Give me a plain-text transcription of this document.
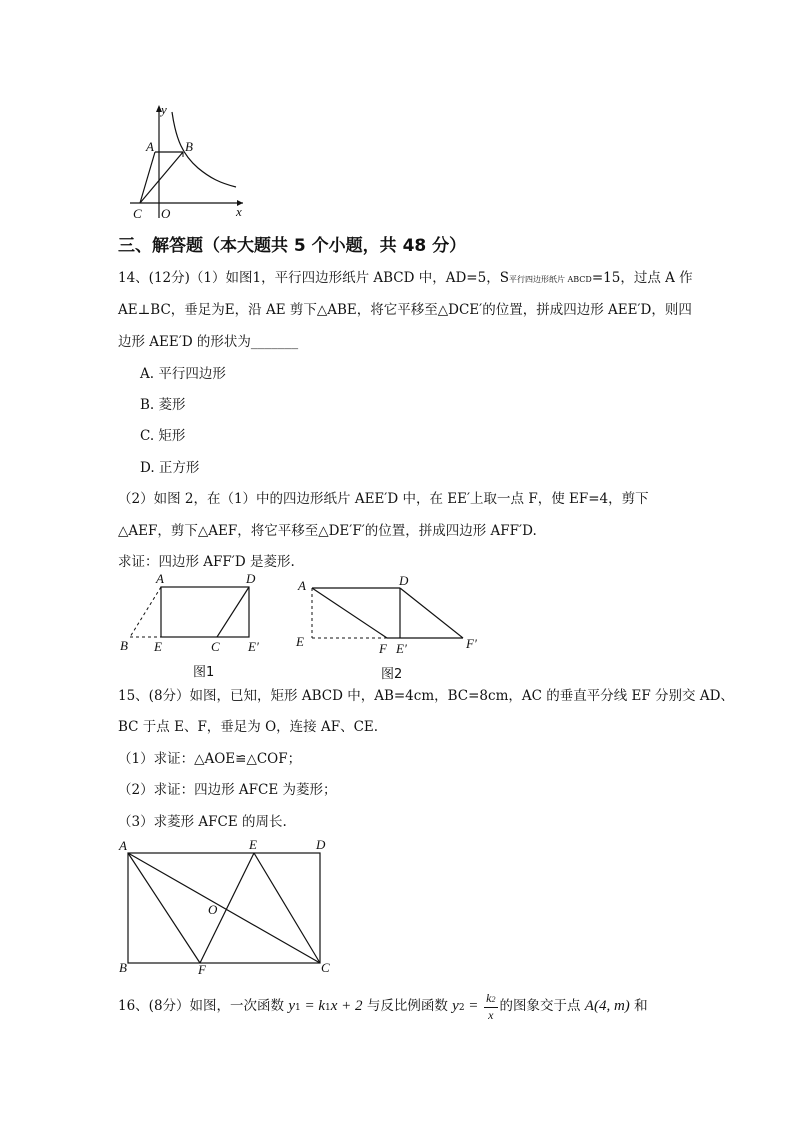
y
x
A B
C O
三、解答题（本大题共 5 个小题，共 48 分）
14、(12分)（1）如图1，平行四边形纸片 ABCD 中，AD=5，S平行四边形纸片 ABCD=15，过点 A 作
AE⊥BC，垂足为E，沿 AE 剪下△ABE，将它平移至△DCE′的位置，拼成四边形 AEE′D，则四
边形 AEE′D 的形状为_______
A. 平行四边形
B. 菱形
C. 矩形
D. 正方形
（2）如图 2，在（1）中的四边形纸片 AEE′D 中，在 EE′上取一点 F，使 EF=4，剪下
△AEF，剪下△AEF，将它平移至△DE′F′的位置，拼成四边形 AFF′D.
求证：四边形 AFF′D 是菱形.
A	D
B E	C E′
图1
A	D
E	F E′	F′
图2
15、(8分）如图，已知，矩形 ABCD 中，AB=4cm，BC=8cm，AC 的垂直平分线 EF 分别交 AD、
BC 于点 E、F，垂足为 O，连接 AF、CE.
（1）求证：△AOE≌△COF；
（2）求证：四边形 AFCE 为菱形；
（3）求菱形 AFCE 的周长.
A	E	D
O
B	F	C
16、(8分）如图，一次函数 y1 = k1x + 2 与反比例函数 $y2 = \frac{k2}{x}$ 的图象交于点 A(4, m) 和
